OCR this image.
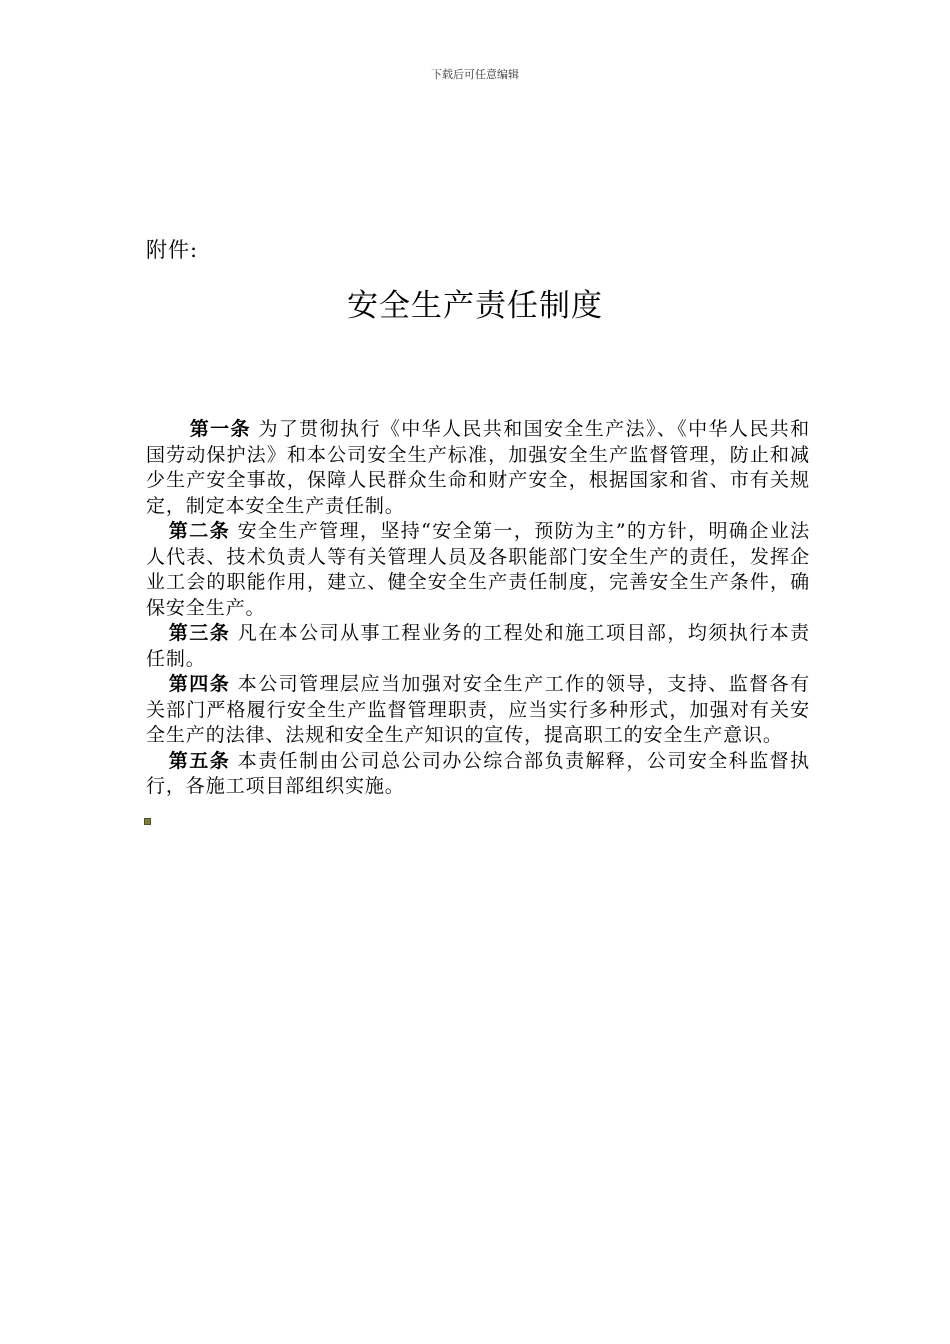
下载后可任意编辑
附件:
安全生产责任制度

第一条 为了贯彻执行《中华人民共和国安全生产法》、《中华人民共和国劳动保护法》和本公司安全生产标准，加强安全生产监督管理，防止和减少生产安全事故，保障人民群众生命和财产安全，根据国家和省、市有关规定，制定本安全生产责任制。

第二条 安全生产管理，坚持“安全第一，预防为主”的方针，明确企业法人代表、技术负责人等有关管理人员及各职能部门安全生产的责任，发挥企业工会的职能作用，建立、健全安全生产责任制度，完善安全生产条件，确保安全生产。

第三条 凡在本公司从事工程业务的工程处和施工项目部，均须执行本责任制。

第四条 本公司管理层应当加强对安全生产工作的领导，支持、监督各有关部门严格履行安全生产监督管理职责，应当实行多种形式，加强对有关安全生产的法律、法规和安全生产知识的宣传，提高职工的安全生产意识。

第五条 本责任制由公司总公司办公综合部负责解释，公司安全科监督执行，各施工项目部组织实施。
